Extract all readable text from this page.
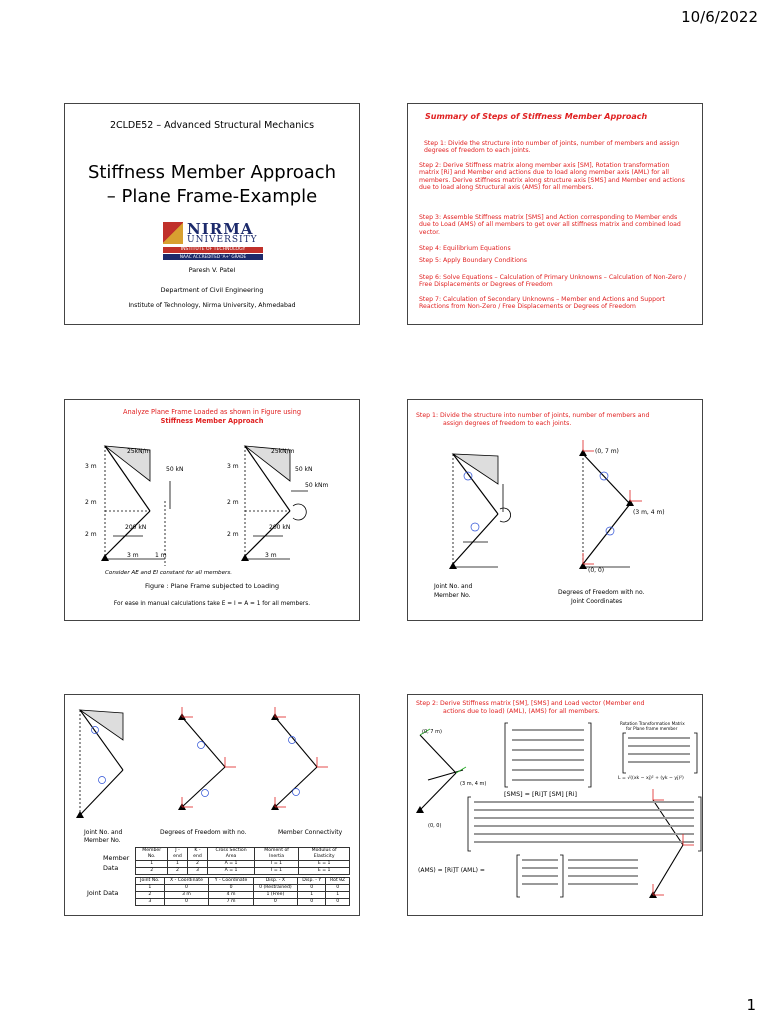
10/6/2022
1
2CLDE52 – Advanced Structural Mechanics
Stiffness Member Approach
– Plane Frame-Example
NIRMA
UNIVERSITY
INSTITUTE OF TECHNOLOGY
NAAC ACCREDITED 'A+' GRADE
Paresh V. Patel
Department of Civil Engineering
Institute of Technology, Nirma University, Ahmedabad
Summary of Steps of Stiffness Member Approach
Step 1: Divide the structure into number of joints, number of members and assign degrees of freedom to each joints.
Step 2: Derive Stiffness matrix along member axis [SM], Rotation transformation matrix [Ri] and Member end actions due to load along member axis (AML) for all members. Derive stiffness matrix along structure axis [SMS] and Member end actions due to load along Structural axis (AMS) for all members.
Step 3: Assemble Stiffness matrix [SMS] and Action corresponding to Member ends due to Load (AMS) of all members to get over all stiffness matrix and combined load vector.
Step 4: Equilibrium Equations
Step 5: Apply Boundary Conditions
Step 6: Solve Equations – Calculation of Primary Unknowns – Calculation of Non-Zero / Free Displacements or Degrees of Freedom
Step 7: Calculation of Secondary Unknowns – Member end Actions and Support Reactions from Non-Zero / Free Displacements or Degrees of Freedom
Analyze Plane Frame Loaded as shown in Figure using
Stiffness Member Approach
25kN/m
50 kN
200 kN
3 m
2 m
2 m
3 m	1 m
25kN/m
50 kN
50 kNm
200 kN
3 m
2 m
2 m
3 m
Consider AE and EI constant for all members.
Figure : Plane Frame subjected to Loading
For ease in manual calculations take E = I = A = 1 for all members.
Step 1: Divide the structure into number of joints, number of members and
assign degrees of freedom to each joints.
(0, 7 m)
(3 m, 4 m)
(0, 0)
Joint No. and
Member No.	Degrees of Freedom with no.
Joint Coordinates
Joint No. and
Member No.
Degrees of Freedom with no.	Member Connectivity
Member Data
Member No.	J - end	K - end	Cross Section Area	Moment of Inertia	Modulus of Elasticity
1	1	2	A = 1	I = 1	E = 1
2	2	3	A = 1	I = 1	E = 1
Joint Data
Joint No.	X - Coordinate	Y - Coordinate	Disp. - X	Disp. - Y	Rot θZ
1	0	0	0 (Restrained)	0	0
2	3 m	4 m	1 (Free)	1	1
3	0	7 m	0	0	0
Step 2: Derive Stiffness matrix [SM], [SMS] and Load vector (Member end
actions due to load) (AML), (AMS) for all members.
(0, 7 m)
(3 m, 4 m)
(0, 0)
Rotation Transformation Matrix
for Plane frame member
L = √((xk − xj)² + (yk − yj)²)
[SMS] = [Ri]T [SM] [Ri]
(AMS) = [Ri]T (AML) =
